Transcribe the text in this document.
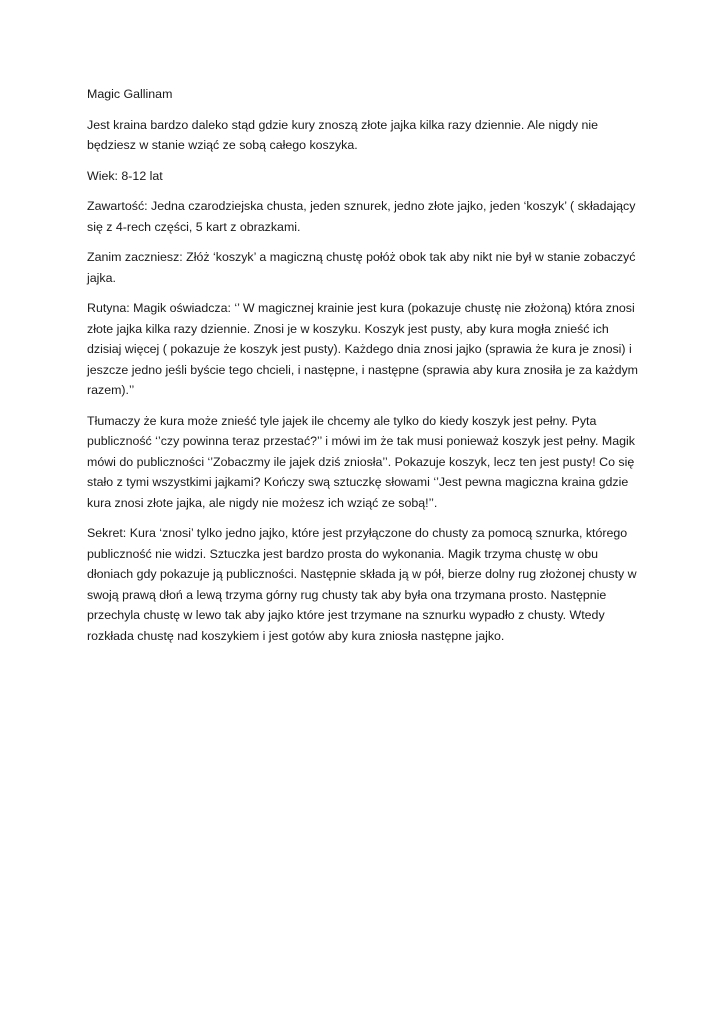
Magic Gallinam

Jest kraina bardzo daleko stąd gdzie kury znoszą złote jajka kilka razy dziennie. Ale nigdy nie będziesz w stanie wziąć ze sobą całego koszyka.

Wiek: 8-12 lat

Zawartość: Jedna czarodziejska chusta, jeden sznurek, jedno złote jajko, jeden ‘koszyk’ ( składający się z 4-rech części, 5 kart z obrazkami.

Zanim zaczniesz: Złóż ‘koszyk’ a magiczną chustę połóż obok tak aby nikt nie był w stanie zobaczyć jajka.

Rutyna: Magik oświadcza: ‘’ W magicznej krainie jest kura (pokazuje chustę nie złożoną) która znosi złote jajka kilka razy dziennie. Znosi je w koszyku. Koszyk jest pusty, aby kura mogła znieść ich dzisiaj więcej ( pokazuje że koszyk jest pusty). Każdego dnia znosi jajko (sprawia że kura je znosi) i jeszcze jedno jeśli byście tego chcieli, i następne, i następne (sprawia aby kura znosiła je za każdym razem).’’

Tłumaczy że kura może znieść tyle jajek ile chcemy ale tylko do kiedy koszyk jest pełny. Pyta publiczność ‘’czy powinna teraz przestać?’’ i mówi im że tak musi ponieważ koszyk jest pełny. Magik mówi do publiczności ‘’Zobaczmy ile jajek dziś zniosła’’. Pokazuje koszyk, lecz ten jest pusty! Co się stało z tymi wszystkimi jajkami? Kończy swą sztuczkę słowami ‘’Jest pewna magiczna kraina gdzie kura znosi złote jajka, ale nigdy nie możesz ich wziąć ze sobą!’’.

Sekret: Kura ‘znosi’ tylko jedno jajko, które jest przyłączone do chusty za pomocą sznurka, którego publiczność nie widzi. Sztuczka jest bardzo prosta do wykonania. Magik trzyma chustę w obu dłoniach gdy pokazuje ją publiczności. Następnie składa ją w pół, bierze dolny rug złożonej chusty w swoją prawą dłoń a lewą trzyma górny rug chusty tak aby była ona trzymana prosto. Następnie przechyla chustę w lewo tak aby jajko które jest trzymane na sznurku wypadło z chusty. Wtedy rozkłada chustę nad koszykiem i jest gotów aby kura zniosła następne jajko.
